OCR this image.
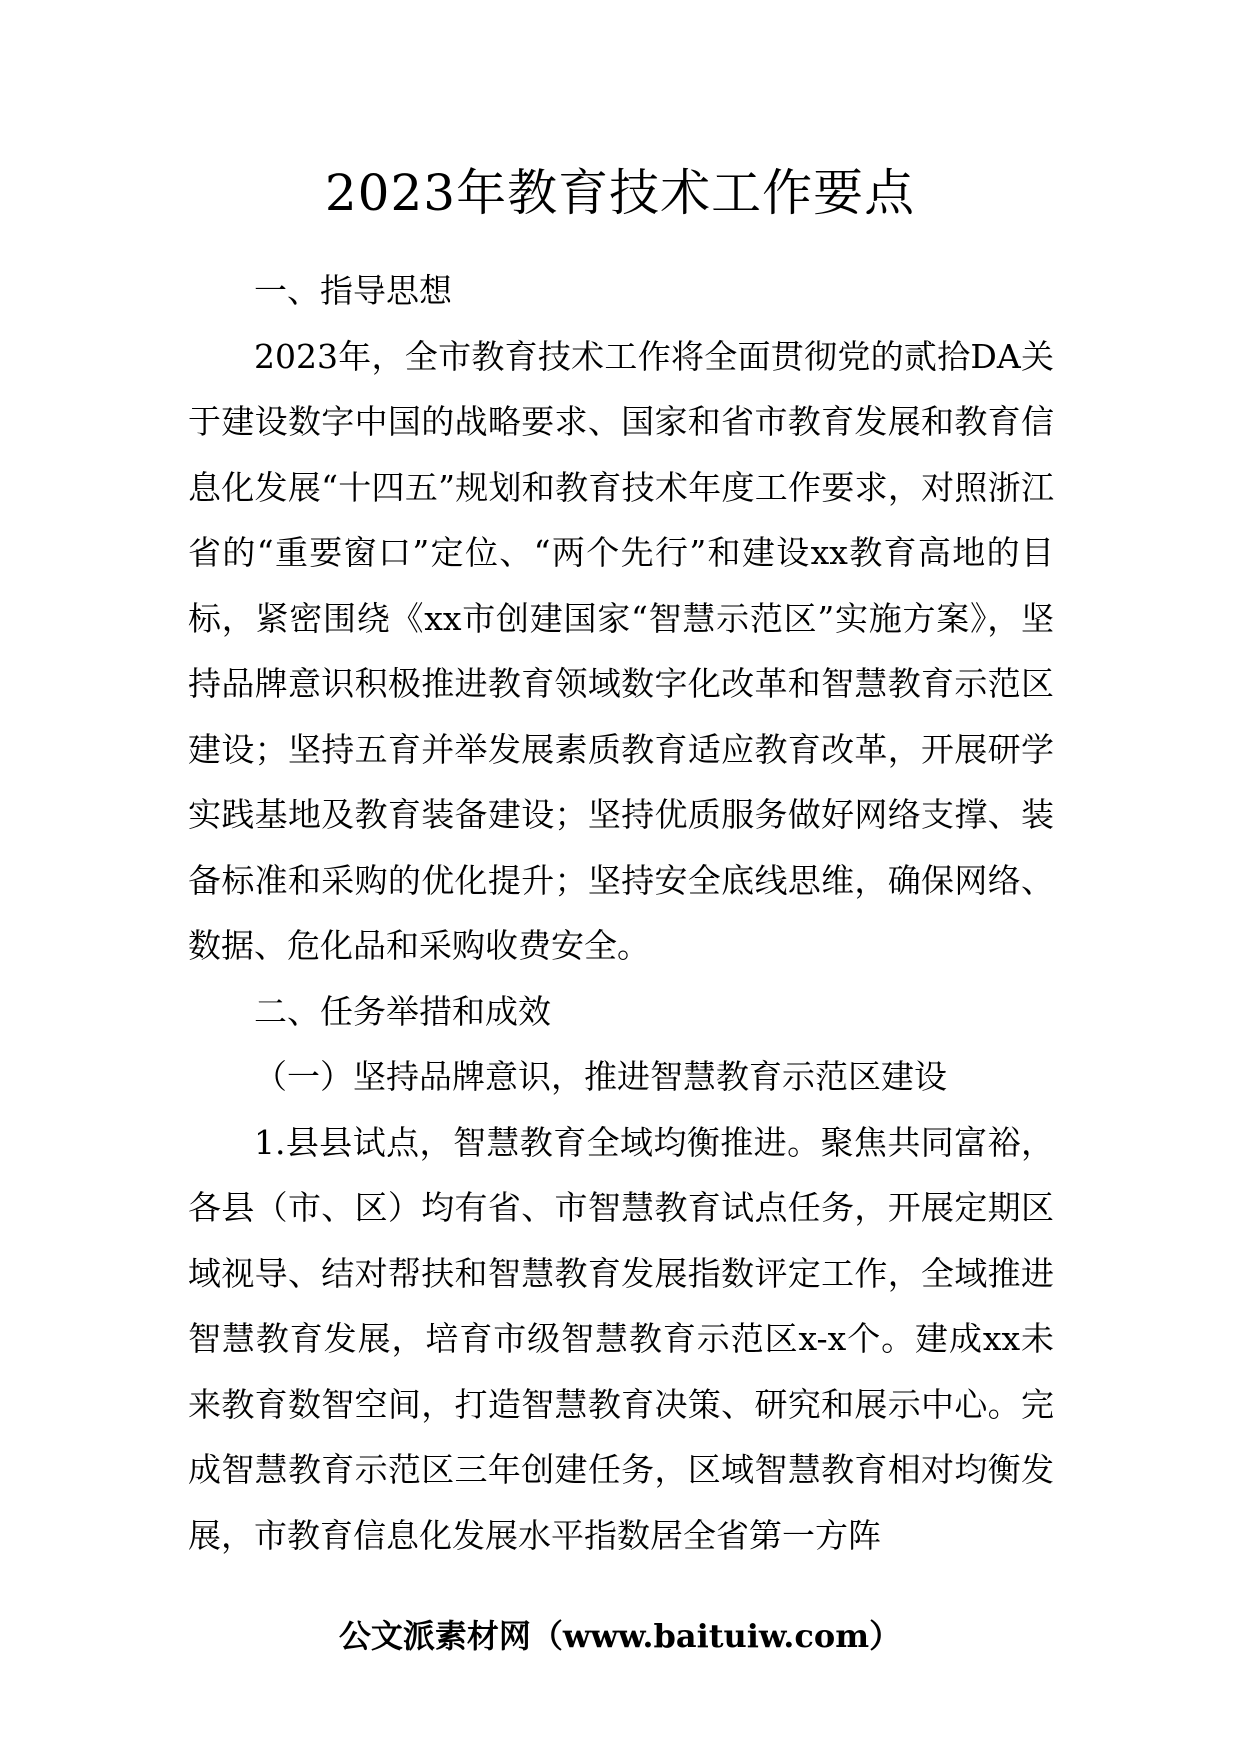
2023年教育技术工作要点

一、指导思想

2023年，全市教育技术工作将全面贯彻党的贰拾DA关于建设数字中国的战略要求、国家和省市教育发展和教育信息化发展“十四五”规划和教育技术年度工作要求，对照浙江省的“重要窗口”定位、“两个先行”和建设xx教育高地的目标，紧密围绕《xx市创建国家“智慧示范区”实施方案》，坚持品牌意识积极推进教育领域数字化改革和智慧教育示范区建设；坚持五育并举发展素质教育适应教育改革，开展研学实践基地及教育装备建设；坚持优质服务做好网络支撑、装备标准和采购的优化提升；坚持安全底线思维，确保网络、数据、危化品和采购收费安全。

二、任务举措和成效

（一）坚持品牌意识，推进智慧教育示范区建设

1.县县试点，智慧教育全域均衡推进。聚焦共同富裕，各县（市、区）均有省、市智慧教育试点任务，开展定期区域视导、结对帮扶和智慧教育发展指数评定工作，全域推进智慧教育发展，培育市级智慧教育示范区x-x个。建成xx未来教育数智空间，打造智慧教育决策、研究和展示中心。完成智慧教育示范区三年创建任务，区域智慧教育相对均衡发展，市教育信息化发展水平指数居全省第一方阵

公文派素材网（www.baituiw.com）
